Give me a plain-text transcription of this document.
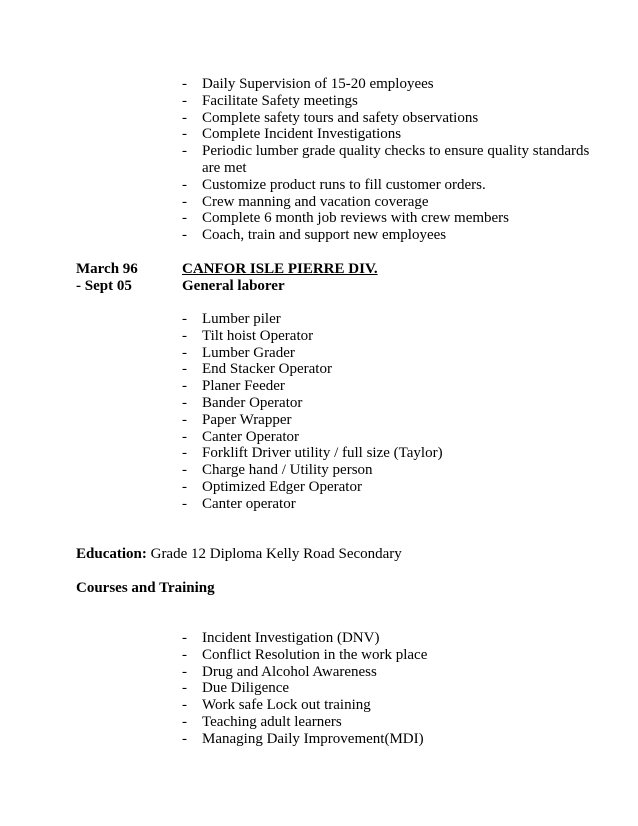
- Daily Supervision of 15-20 employees
- Facilitate Safety meetings
- Complete safety tours and safety observations
- Complete Incident Investigations
- Periodic lumber grade quality checks to ensure quality standards are met
- Customize product runs to fill customer orders.
- Crew manning and vacation coverage
- Complete 6 month job reviews with crew members
- Coach, train and support new employees
March 96
- Sept 05
CANFOR ISLE PIERRE DIV.
General laborer
- Lumber piler
- Tilt hoist Operator
- Lumber Grader
- End Stacker Operator
- Planer Feeder
- Bander Operator
- Paper Wrapper
- Canter Operator
- Forklift Driver utility / full size (Taylor)
- Charge hand / Utility person
- Optimized Edger Operator
- Canter operator
Education: Grade 12 Diploma Kelly Road Secondary
Courses and Training
- Incident Investigation (DNV)
- Conflict Resolution in the work place
- Drug and Alcohol Awareness
- Due Diligence
- Work safe Lock out training
- Teaching adult learners
- Managing Daily Improvement(MDI)
